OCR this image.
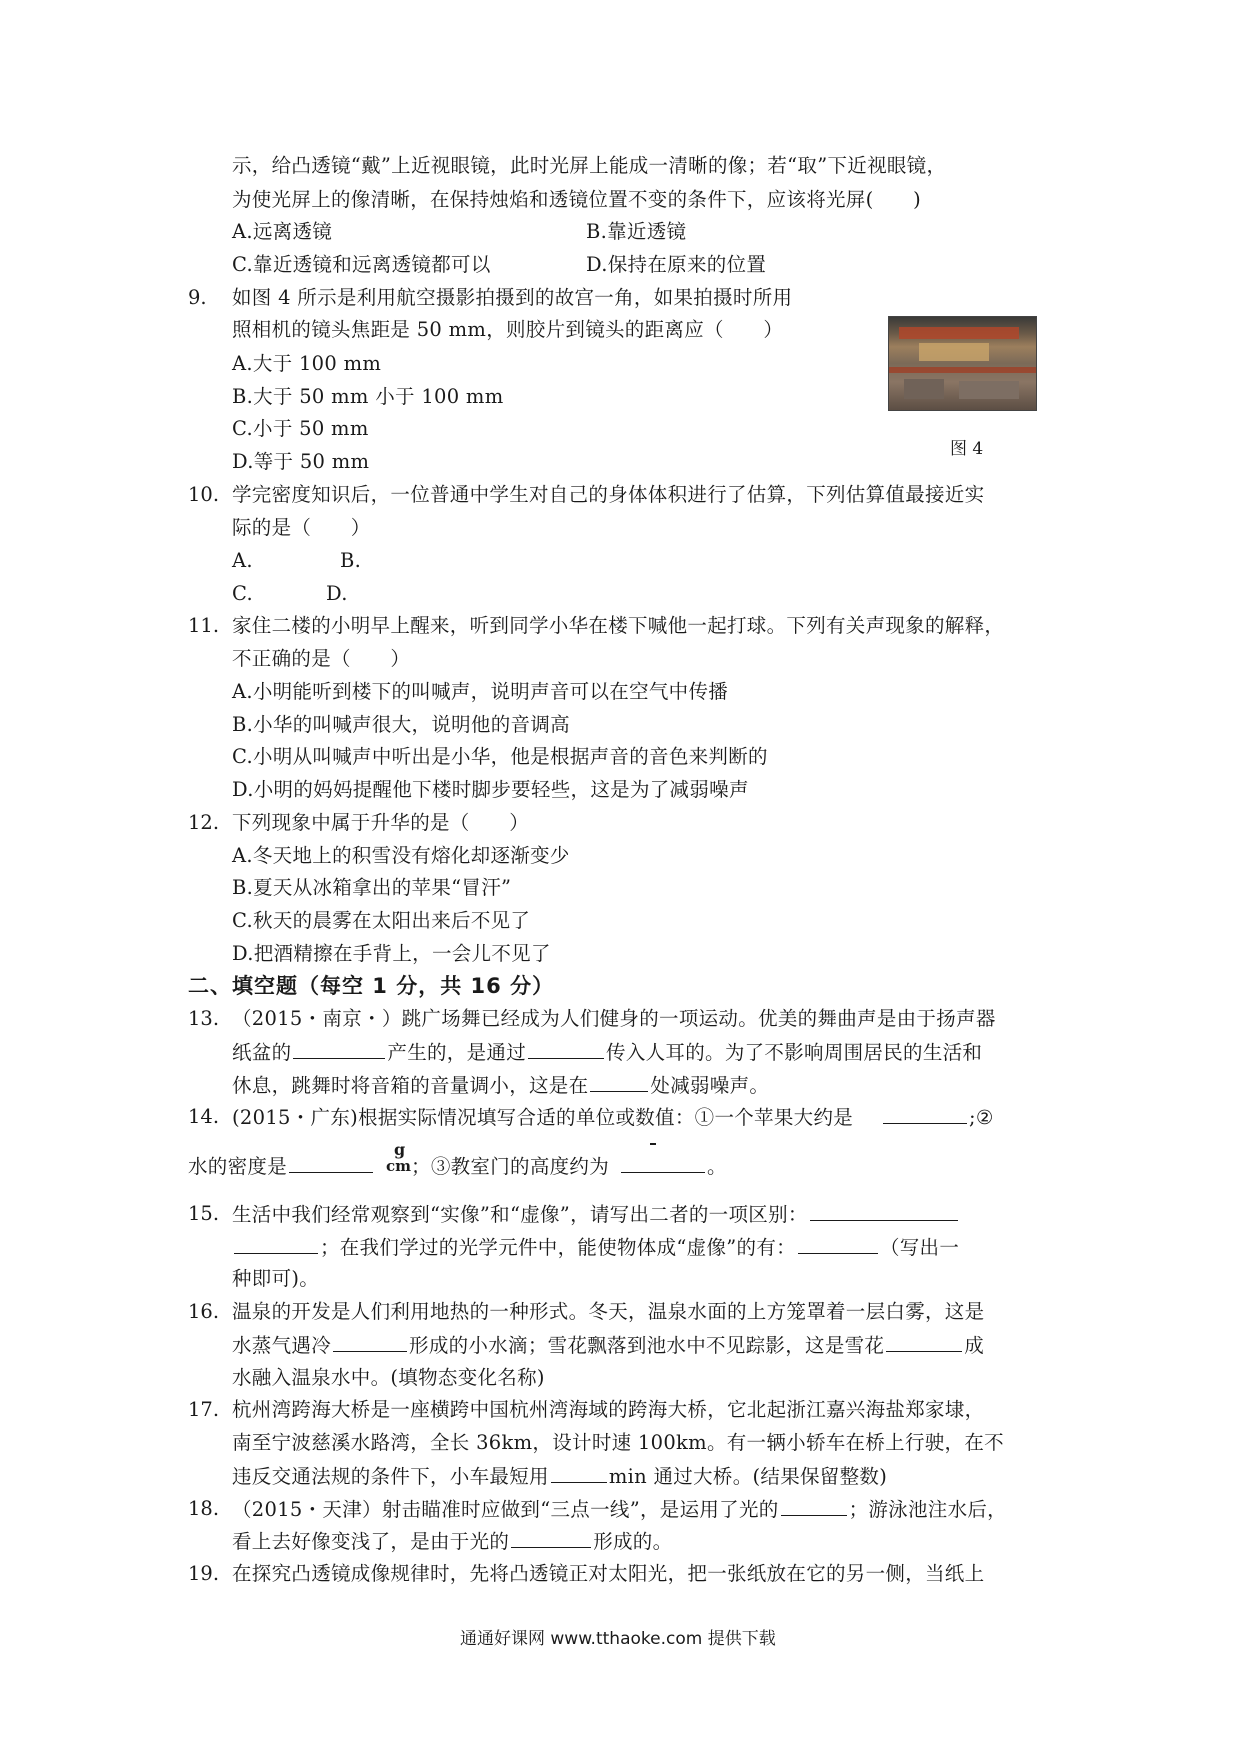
示，给凸透镜“戴”上近视眼镜，此时光屏上能成一清晰的像；若“取”下近视眼镜，
为使光屏上的像清晰，在保持烛焰和透镜位置不变的条件下，应该将光屏(　　)
A.远离透镜	B.靠近透镜
C.靠近透镜和远离透镜都可以	D.保持在原来的位置
9.	如图 4 所示是利用航空摄影拍摄到的故宫一角，如果拍摄时所用
照相机的镜头焦距是 50 mm，则胶片到镜头的距离应（　　）
A.大于 100 mm
B.大于 50 mm 小于 100 mm
C.小于 50 mm
D.等于 50 mm
图 4
10. 学完密度知识后，一位普通中学生对自己的身体体积进行了估算，下列估算值最接近实
际的是（　　）
A.	B.
C.	D.
11. 家住二楼的小明早上醒来，听到同学小华在楼下喊他一起打球。下列有关声现象的解释，
不正确的是（　　）
A.小明能听到楼下的叫喊声，说明声音可以在空气中传播
B.小华的叫喊声很大，说明他的音调高
C.小明从叫喊声中听出是小华，他是根据声音的音色来判断的
D.小明的妈妈提醒他下楼时脚步要轻些，这是为了减弱噪声
12. 下列现象中属于升华的是（　　）
A.冬天地上的积雪没有熔化却逐渐变少
B.夏天从冰箱拿出的苹果“冒汗”
C.秋天的晨雾在太阳出来后不见了
D.把酒精擦在手背上，一会儿不见了
二、填空题（每空 1 分，共 16 分）
13. （2015・南京・）跳广场舞已经成为人们健身的一项运动。优美的舞曲声是由于扬声器
纸盆的	产生的，是通过	传入人耳的。为了不影响周围居民的生活和
休息，跳舞时将音箱的音量调小，这是在	处减弱噪声。
14. (2015・广东)根据实际情况填写合适的单位或数值：①一个苹果大约是	;②
水的密度是	；③教室门的高度约为	。
g
cm
15. 生活中我们经常观察到“实像”和“虚像”，请写出二者的一项区别：
；在我们学过的光学元件中，能使物体成“虚像”的有：	（写出一
种即可)。
16. 温泉的开发是人们利用地热的一种形式。冬天，温泉水面的上方笼罩着一层白雾，这是
水蒸气遇冷	形成的小水滴；雪花飘落到池水中不见踪影，这是雪花	成
水融入温泉水中。(填物态变化名称)
17. 杭州湾跨海大桥是一座横跨中国杭州湾海域的跨海大桥，它北起浙江嘉兴海盐郑家埭，
南至宁波慈溪水路湾，全长 36km，设计时速 100km。有一辆小轿车在桥上行驶，在不
违反交通法规的条件下，小车最短用	min 通过大桥。(结果保留整数)
18. （2015・天津）射击瞄准时应做到“三点一线”，是运用了光的	；游泳池注水后，
看上去好像变浅了，是由于光的	形成的。
19. 在探究凸透镜成像规律时，先将凸透镜正对太阳光，把一张纸放在它的另一侧，当纸上
通通好课网 www.tthaoke.com 提供下载
